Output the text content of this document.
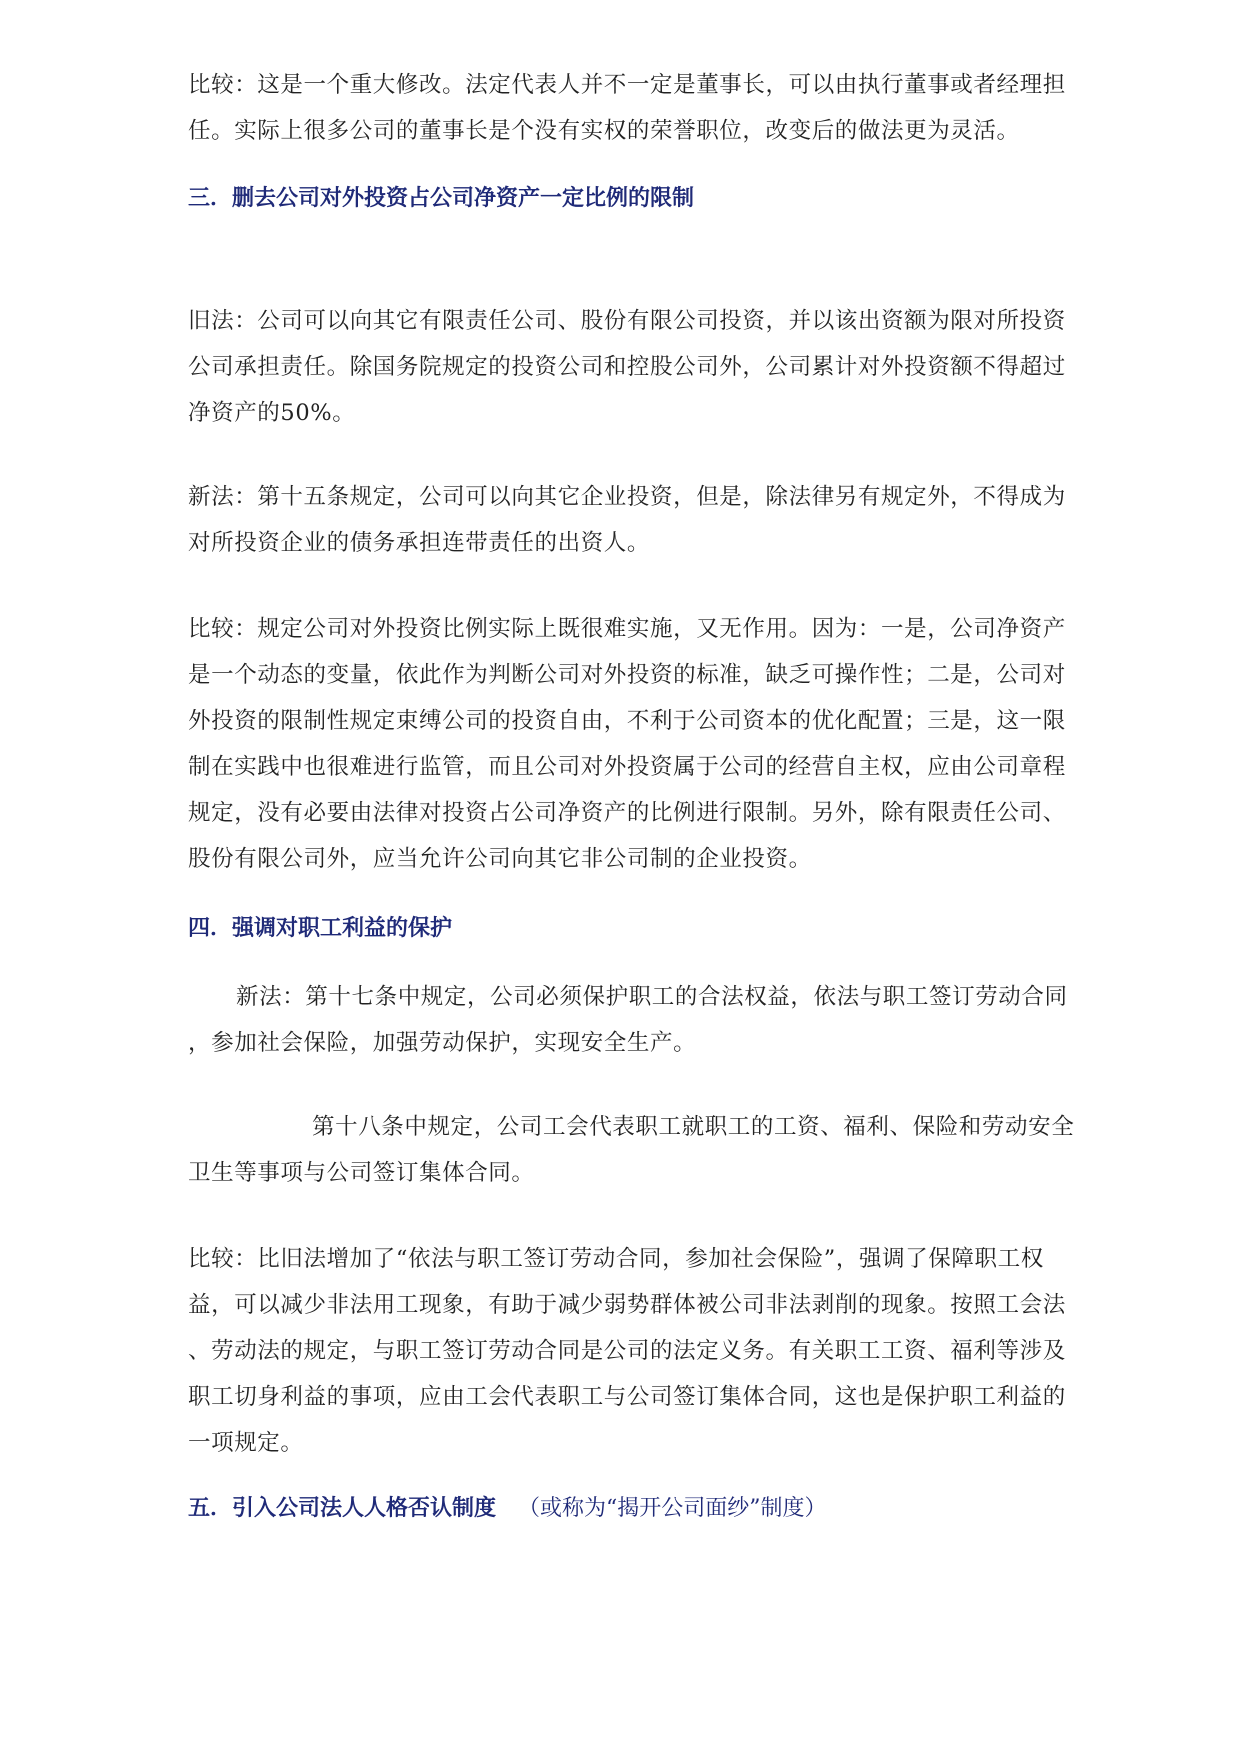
比较：这是一个重大修改。法定代表人并不一定是董事长，可以由执行董事或者经理担
任。实际上很多公司的董事长是个没有实权的荣誉职位，改变后的做法更为灵活。

三．删去公司对外投资占公司净资产一定比例的限制

旧法：公司可以向其它有限责任公司、股份有限公司投资，并以该出资额为限对所投资
公司承担责任。除国务院规定的投资公司和控股公司外，公司累计对外投资额不得超过
净资产的50%。

新法：第十五条规定，公司可以向其它企业投资，但是，除法律另有规定外，不得成为
对所投资企业的债务承担连带责任的出资人。

比较：规定公司对外投资比例实际上既很难实施，又无作用。因为：一是，公司净资产
是一个动态的变量，依此作为判断公司对外投资的标准，缺乏可操作性；二是，公司对
外投资的限制性规定束缚公司的投资自由，不利于公司资本的优化配置；三是，这一限
制在实践中也很难进行监管，而且公司对外投资属于公司的经营自主权，应由公司章程
规定，没有必要由法律对投资占公司净资产的比例进行限制。另外，除有限责任公司、
股份有限公司外，应当允许公司向其它非公司制的企业投资。

四．强调对职工利益的保护

新法：第十七条中规定，公司必须保护职工的合法权益，依法与职工签订劳动合同
，参加社会保险，加强劳动保护，实现安全生产。

第十八条中规定，公司工会代表职工就职工的工资、福利、保险和劳动安全
卫生等事项与公司签订集体合同。

比较：比旧法增加了“依法与职工签订劳动合同，参加社会保险”，强调了保障职工权
益，可以减少非法用工现象，有助于减少弱势群体被公司非法剥削的现象。按照工会法
、劳动法的规定，与职工签订劳动合同是公司的法定义务。有关职工工资、福利等涉及
职工切身利益的事项，应由工会代表职工与公司签订集体合同，这也是保护职工利益的
一项规定。

五．引入公司法人人格否认制度 （或称为“揭开公司面纱”制度）
